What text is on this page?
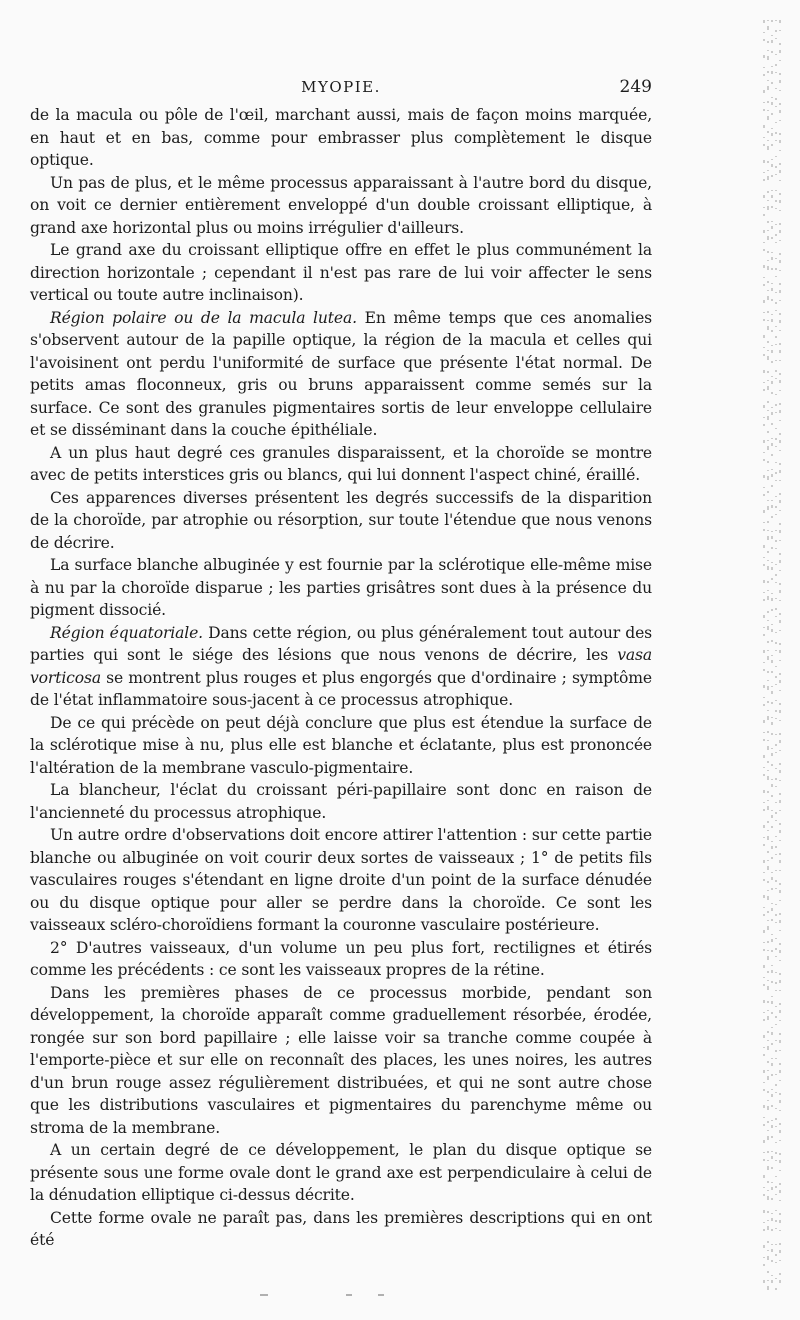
MYOPIE.	249

de la macula ou pôle de l'œil, marchant aussi, mais de façon moins marquée, en haut et en bas, comme pour embrasser plus complètement le disque optique.

Un pas de plus, et le même processus apparaissant à l'autre bord du disque, on voit ce dernier entièrement enveloppé d'un double croissant elliptique, à grand axe horizontal plus ou moins irrégulier d'ailleurs.

Le grand axe du croissant elliptique offre en effet le plus communément la direction horizontale ; cependant il n'est pas rare de lui voir affecter le sens vertical ou toute autre inclinaison).

Région polaire ou de la macula lutea. En même temps que ces anomalies s'observent autour de la papille optique, la région de la macula et celles qui l'avoisinent ont perdu l'uniformité de surface que présente l'état normal. De petits amas floconneux, gris ou bruns apparaissent comme semés sur la surface. Ce sont des granules pigmentaires sortis de leur enveloppe cellulaire et se disséminant dans la couche épithéliale.

A un plus haut degré ces granules disparaissent, et la choroïde se montre avec de petits interstices gris ou blancs, qui lui donnent l'aspect chiné, éraillé.

Ces apparences diverses présentent les degrés successifs de la disparition de la choroïde, par atrophie ou résorption, sur toute l'étendue que nous venons de décrire.

La surface blanche albuginée y est fournie par la sclérotique elle-même mise à nu par la choroïde disparue ; les parties grisâtres sont dues à la présence du pigment dissocié.

Région équatoriale. Dans cette région, ou plus généralement tout autour des parties qui sont le siége des lésions que nous venons de décrire, les vasa vorticosa se montrent plus rouges et plus engorgés que d'ordinaire ; symptôme de l'état inflammatoire sous-jacent à ce processus atrophique.

De ce qui précède on peut déjà conclure que plus est étendue la surface de la sclérotique mise à nu, plus elle est blanche et éclatante, plus est prononcée l'altération de la membrane vasculo-pigmentaire.

La blancheur, l'éclat du croissant péri-papillaire sont donc en raison de l'ancienneté du processus atrophique.

Un autre ordre d'observations doit encore attirer l'attention : sur cette partie blanche ou albuginée on voit courir deux sortes de vaisseaux ; 1° de petits fils vasculaires rouges s'étendant en ligne droite d'un point de la surface dénudée ou du disque optique pour aller se perdre dans la choroïde. Ce sont les vaisseaux scléro-choroïdiens formant la couronne vasculaire postérieure.

2° D'autres vaisseaux, d'un volume un peu plus fort, rectilignes et étirés comme les précédents : ce sont les vaisseaux propres de la rétine.

Dans les premières phases de ce processus morbide, pendant son développement, la choroïde apparaît comme graduellement résorbée, érodée, rongée sur son bord papillaire ; elle laisse voir sa tranche comme coupée à l'emporte-pièce et sur elle on reconnaît des places, les unes noires, les autres d'un brun rouge assez régulièrement distribuées, et qui ne sont autre chose que les distributions vasculaires et pigmentaires du parenchyme même ou stroma de la membrane.

A un certain degré de ce développement, le plan du disque optique se présente sous une forme ovale dont le grand axe est perpendiculaire à celui de la dénudation elliptique ci-dessus décrite.

Cette forme ovale ne paraît pas, dans les premières descriptions qui en ont été
